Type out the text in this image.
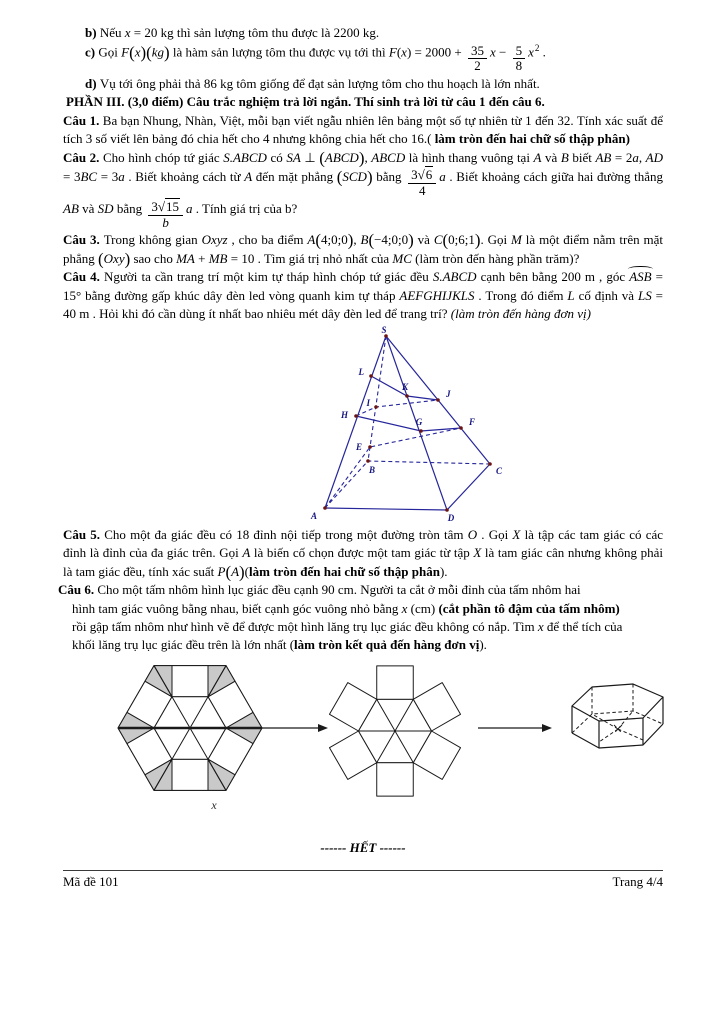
b) Nếu x = 20 kg thì sản lượng tôm thu được là 2200 kg.

c) Gọi F(x)(kg) là hàm sản lượng tôm thu được vụ tới thì $F(x) = 2000 + \frac{35}{2}$ $x - \frac{5}{8} x^2$ .

d) Vụ tới ông phải thả 86 kg tôm giống để đạt sản lượng tôm cho thu hoạch là lớn nhất.

PHẦN III. (3,0 điểm) Câu trắc nghiệm trả lời ngắn. Thí sinh trả lời từ câu 1 đến câu 6.

Câu 1. Ba bạn Nhung, Nhàn, Việt, mỗi bạn viết ngẫu nhiên lên bảng một số tự nhiên từ 1 đến 32. Tính xác suất để tích 3 số viết lên bảng đó chia hết cho 4 nhưng không chia hết cho 16.( làm tròn đến hai chữ số thập phân)

Câu 2. Cho hình chóp tứ giác S.ABCD có SA ⊥ (ABCD), ABCD là hình thang vuông tại A và B biết AB = 2a, AD = 3BC = 3a . Biết khoảng cách từ A đến mặt phẳng (SCD) bằng $\frac{3√6}{4}$ a . Biết khoảng cách giữa hai đường thẳng AB và SD bằng $\frac{3√15}{b}$ a . Tính giá trị của b?

Câu 3. Trong không gian Oxyz , cho ba điểm A(4;0;0), B(−4;0;0) và C(0;6;1). Gọi M là một điểm nằm trên mặt phẳng (Oxy) sao cho MA + MB = 10 . Tìm giá trị nhỏ nhất của MC (làm tròn đến hàng phần trăm)?

Câu 4. Người ta cần trang trí một kim tự tháp hình chóp tứ giác đều S.ABCD cạnh bên bằng 200 m , góc ASB = 15° bằng đường gấp khúc dây đèn led vòng quanh kim tự tháp AEFGHIJKLS . Trong đó điểm L cố định và LS = 40 m . Hỏi khi đó cần dùng ít nhất bao nhiêu mét dây đèn led để trang trí? (làm tròn đến hàng đơn vị)

S
L
K
J
I
H
G	F
E
B	C
A	D

Câu 5. Cho một đa giác đều có 18 đỉnh nội tiếp trong một đường tròn tâm O . Gọi X là tập các tam giác có các đỉnh là đỉnh của đa giác trên. Gọi A là biến cố chọn được một tam giác từ tập X là tam giác cân nhưng không phải là tam giác đều, tính xác suất P(A)(làm tròn đến hai chữ số thập phân).

Câu 6. Cho một tấm nhôm hình lục giác đều cạnh 90 cm. Người ta cắt ở mỗi đỉnh của tấm nhôm hai
hình tam giác vuông bằng nhau, biết cạnh góc vuông nhỏ bằng x (cm) (cắt phần tô đậm của tấm nhôm)
rồi gập tấm nhôm như hình vẽ để được một hình lăng trụ lục giác đều không có nắp. Tìm x để thể tích của
khối lăng trụ lục giác đều trên là lớn nhất (làm tròn kết quả đến hàng đơn vị).

x

------ HẾT ------

Mã đề 101	Trang 4/4
